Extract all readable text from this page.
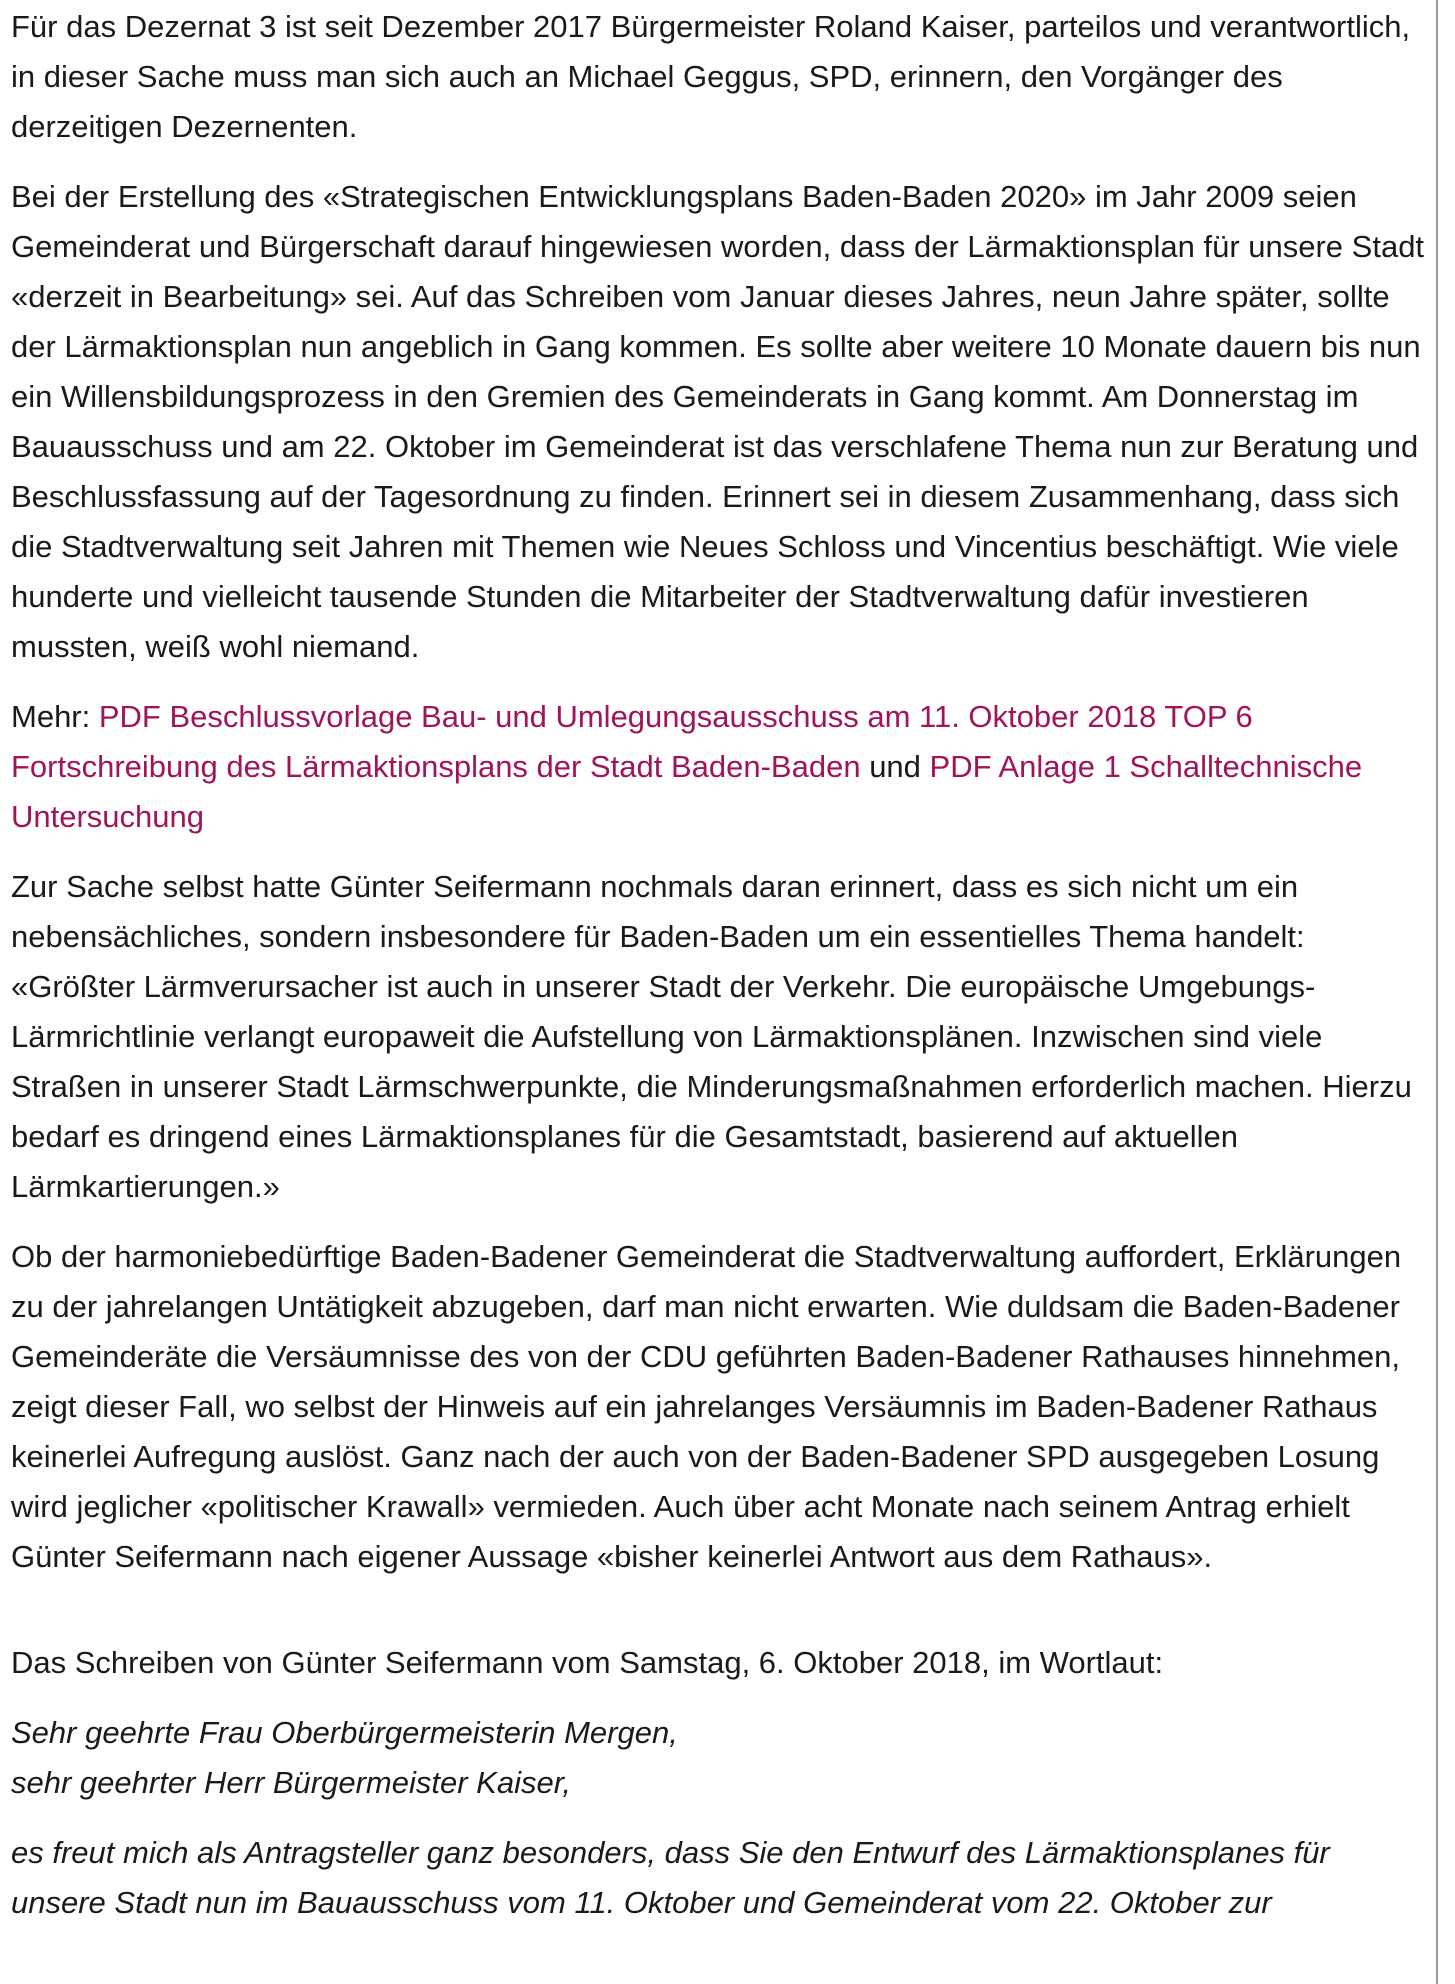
Für das Dezernat 3 ist seit Dezember 2017 Bürgermeister Roland Kaiser, parteilos und verantwortlich, in dieser Sache muss man sich auch an Michael Geggus, SPD, erinnern, den Vorgänger des derzeitigen Dezernenten.

Bei der Erstellung des «Strategischen Entwicklungsplans Baden-Baden 2020» im Jahr 2009 seien Gemeinderat und Bürgerschaft darauf hingewiesen worden, dass der Lärmaktionsplan für unsere Stadt «derzeit in Bearbeitung» sei. Auf das Schreiben vom Januar dieses Jahres, neun Jahre später, sollte der Lärmaktionsplan nun angeblich in Gang kommen. Es sollte aber weitere 10 Monate dauern bis nun ein Willensbildungsprozess in den Gremien des Gemeinderats in Gang kommt. Am Donnerstag im Bauausschuss und am 22. Oktober im Gemeinderat ist das verschlafene Thema nun zur Beratung und Beschlussfassung auf der Tagesordnung zu finden. Erinnert sei in diesem Zusammenhang, dass sich die Stadtverwaltung seit Jahren mit Themen wie Neues Schloss und Vincentius beschäftigt. Wie viele hunderte und vielleicht tausende Stunden die Mitarbeiter der Stadtverwaltung dafür investieren mussten, weiß wohl niemand.

Mehr: PDF Beschlussvorlage Bau- und Umlegungsausschuss am 11. Oktober 2018 TOP 6 Fortschreibung des Lärmaktionsplans der Stadt Baden-Baden und PDF Anlage 1 Schalltechnische Untersuchung

Zur Sache selbst hatte Günter Seifermann nochmals daran erinnert, dass es sich nicht um ein nebensächliches, sondern insbesondere für Baden-Baden um ein essentielles Thema handelt: «Größter Lärmverursacher ist auch in unserer Stadt der Verkehr. Die europäische Umgebungs-Lärmrichtlinie verlangt europaweit die Aufstellung von Lärmaktionsplänen. Inzwischen sind viele Straßen in unserer Stadt Lärmschwerpunkte, die Minderungsmaßnahmen erforderlich machen. Hierzu bedarf es dringend eines Lärmaktionsplanes für die Gesamtstadt, basierend auf aktuellen Lärmkartierungen.»

Ob der harmoniebedürftige Baden-Badener Gemeinderat die Stadtverwaltung auffordert, Erklärungen zu der jahrelangen Untätigkeit abzugeben, darf man nicht erwarten. Wie duldsam die Baden-Badener Gemeinderäte die Versäumnisse des von der CDU geführten Baden-Badener Rathauses hinnehmen, zeigt dieser Fall, wo selbst der Hinweis auf ein jahrelanges Versäumnis im Baden-Badener Rathaus keinerlei Aufregung auslöst. Ganz nach der auch von der Baden-Badener SPD ausgegeben Losung wird jeglicher «politischer Krawall» vermieden. Auch über acht Monate nach seinem Antrag erhielt Günter Seifermann nach eigener Aussage «bisher keinerlei Antwort aus dem Rathaus».

Das Schreiben von Günter Seifermann vom Samstag, 6. Oktober 2018, im Wortlaut:

Sehr geehrte Frau Oberbürgermeisterin Mergen,
sehr geehrter Herr Bürgermeister Kaiser,

es freut mich als Antragsteller ganz besonders, dass Sie den Entwurf des Lärmaktionsplanes für unsere Stadt nun im Bauausschuss vom 11. Oktober und Gemeinderat vom 22. Oktober zur
